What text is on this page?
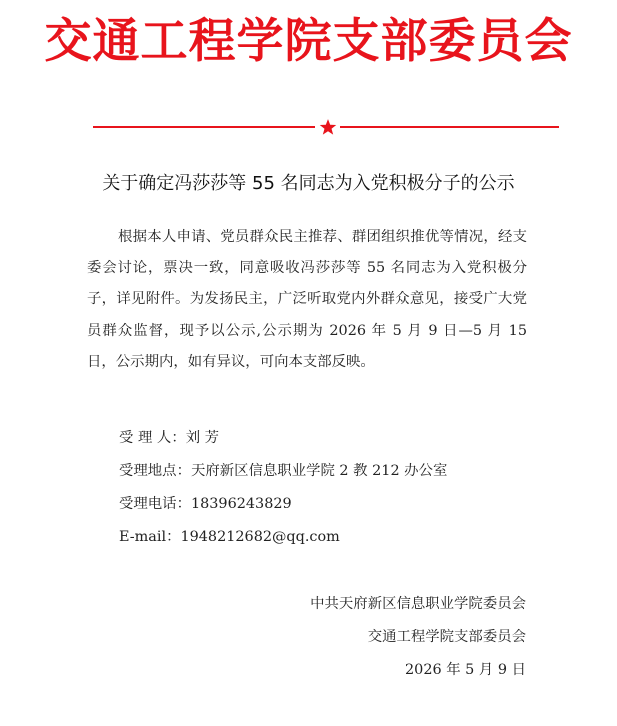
交通工程学院支部委员会
关于确定冯莎莎等 55 名同志为入党积极分子的公示

根据本人申请、党员群众民主推荐、群团组织推优等情况，经支委会讨论，票决一致，同意吸收冯莎莎等 55 名同志为入党积极分子，详见附件。为发扬民主，广泛听取党内外群众意见，接受广大党员群众监督，现予以公示,公示期为 2026 年 5 月 9 日—5 月 15 日，公示期内，如有异议，可向本支部反映。

受 理 人：刘 芳
受理地点：天府新区信息职业学院 2 教 212 办公室
受理电话：18396243829
E-mail：1948212682@qq.com
中共天府新区信息职业学院委员会
交通工程学院支部委员会
2026 年 5 月 9 日
